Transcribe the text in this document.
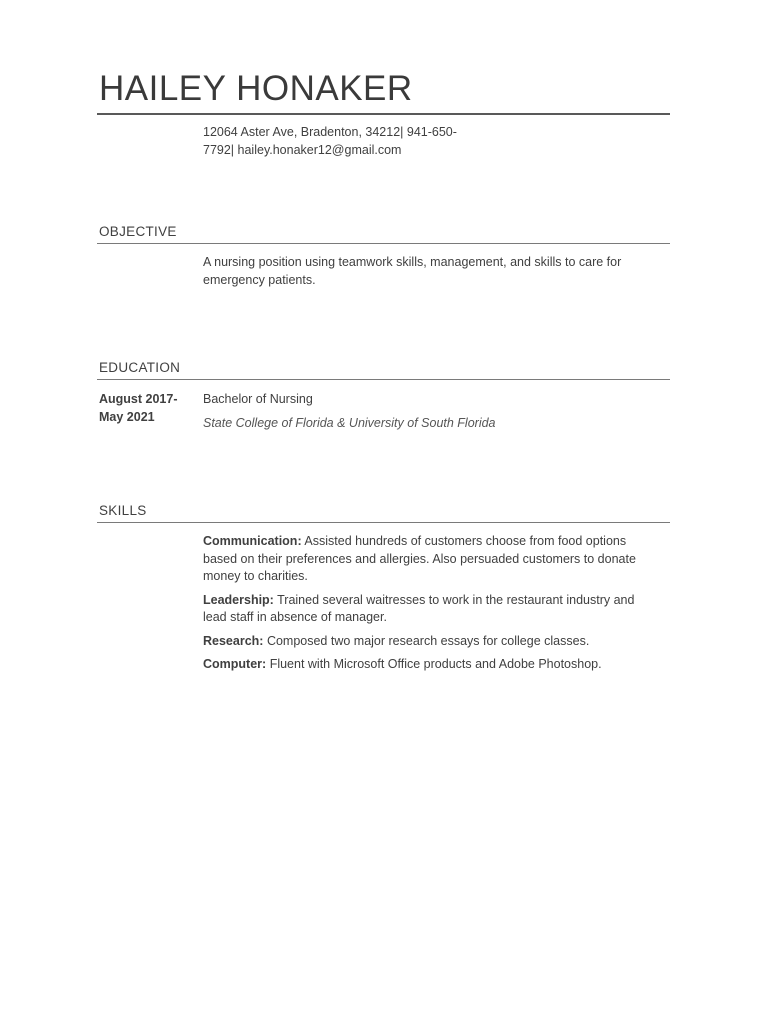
HAILEY HONAKER
12064 Aster Ave, Bradenton, 34212| 941-650-7792| hailey.honaker12@gmail.com
OBJECTIVE
A nursing position using teamwork skills, management, and skills to care for emergency patients.
EDUCATION
August 2017-May 2021
Bachelor of Nursing
State College of Florida & University of South Florida
SKILLS

Communication: Assisted hundreds of customers choose from food options based on their preferences and allergies. Also persuaded customers to donate money to charities.

Leadership: Trained several waitresses to work in the restaurant industry and lead staff in absence of manager.

Research: Composed two major research essays for college classes.

Computer: Fluent with Microsoft Office products and Adobe Photoshop.
